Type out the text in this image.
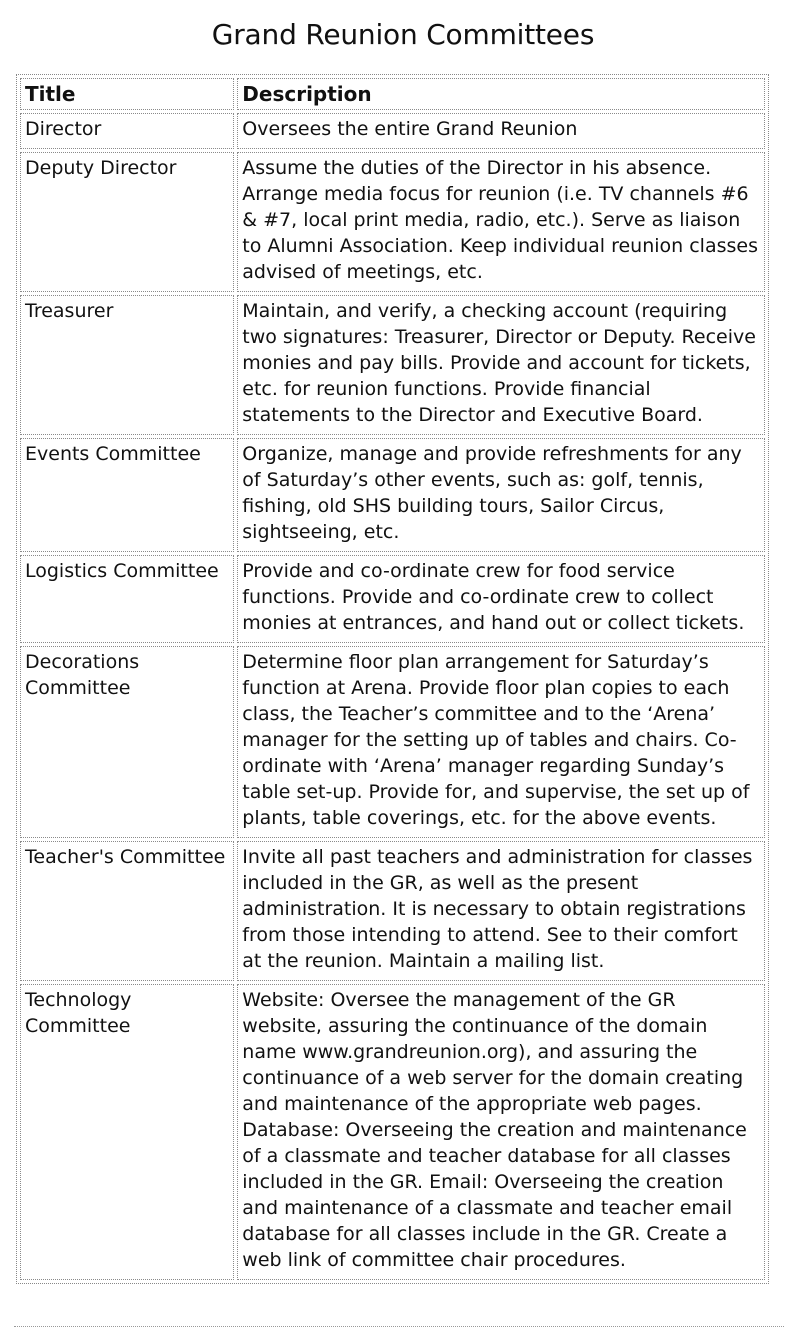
Grand Reunion Committees
Title	Description
Director	Oversees the entire Grand Reunion
Deputy Director	Assume the duties of the Director in his absence. Arrange media focus for reunion (i.e. TV channels #6 & #7, local print media, radio, etc.). Serve as liaison to Alumni Association. Keep individual reunion classes advised of meetings, etc.
Treasurer	Maintain, and verify, a checking account (requiring two signatures: Treasurer, Director or Deputy. Receive monies and pay bills. Provide and account for tickets, etc. for reunion functions. Provide financial statements to the Director and Executive Board.
Events Committee	Organize, manage and provide refreshments for any of Saturday’s other events, such as: golf, tennis, fishing, old SHS building tours, Sailor Circus, sightseeing, etc.
Logistics Committee	Provide and co-ordinate crew for food service functions. Provide and co-ordinate crew to collect monies at entrances, and hand out or collect tickets.
Decorations Committee	Determine floor plan arrangement for Saturday’s function at Arena. Provide floor plan copies to each class, the Teacher’s committee and to the ‘Arena’ manager for the setting up of tables and chairs. Co-ordinate with ‘Arena’ manager regarding Sunday’s table set-up. Provide for, and supervise, the set up of plants, table coverings, etc. for the above events.
Teacher's Committee	Invite all past teachers and administration for classes included in the GR, as well as the present administration. It is necessary to obtain registrations from those intending to attend. See to their comfort at the reunion. Maintain a mailing list.
Technology Committee	Website: Oversee the management of the GR website, assuring the continuance of the domain name www.grandreunion.org), and assuring the continuance of a web server for the domain creating and maintenance of the appropriate web pages. Database: Overseeing the creation and maintenance of a classmate and teacher database for all classes included in the GR. Email: Overseeing the creation and maintenance of a classmate and teacher email database for all classes include in the GR. Create a web link of committee chair procedures.
